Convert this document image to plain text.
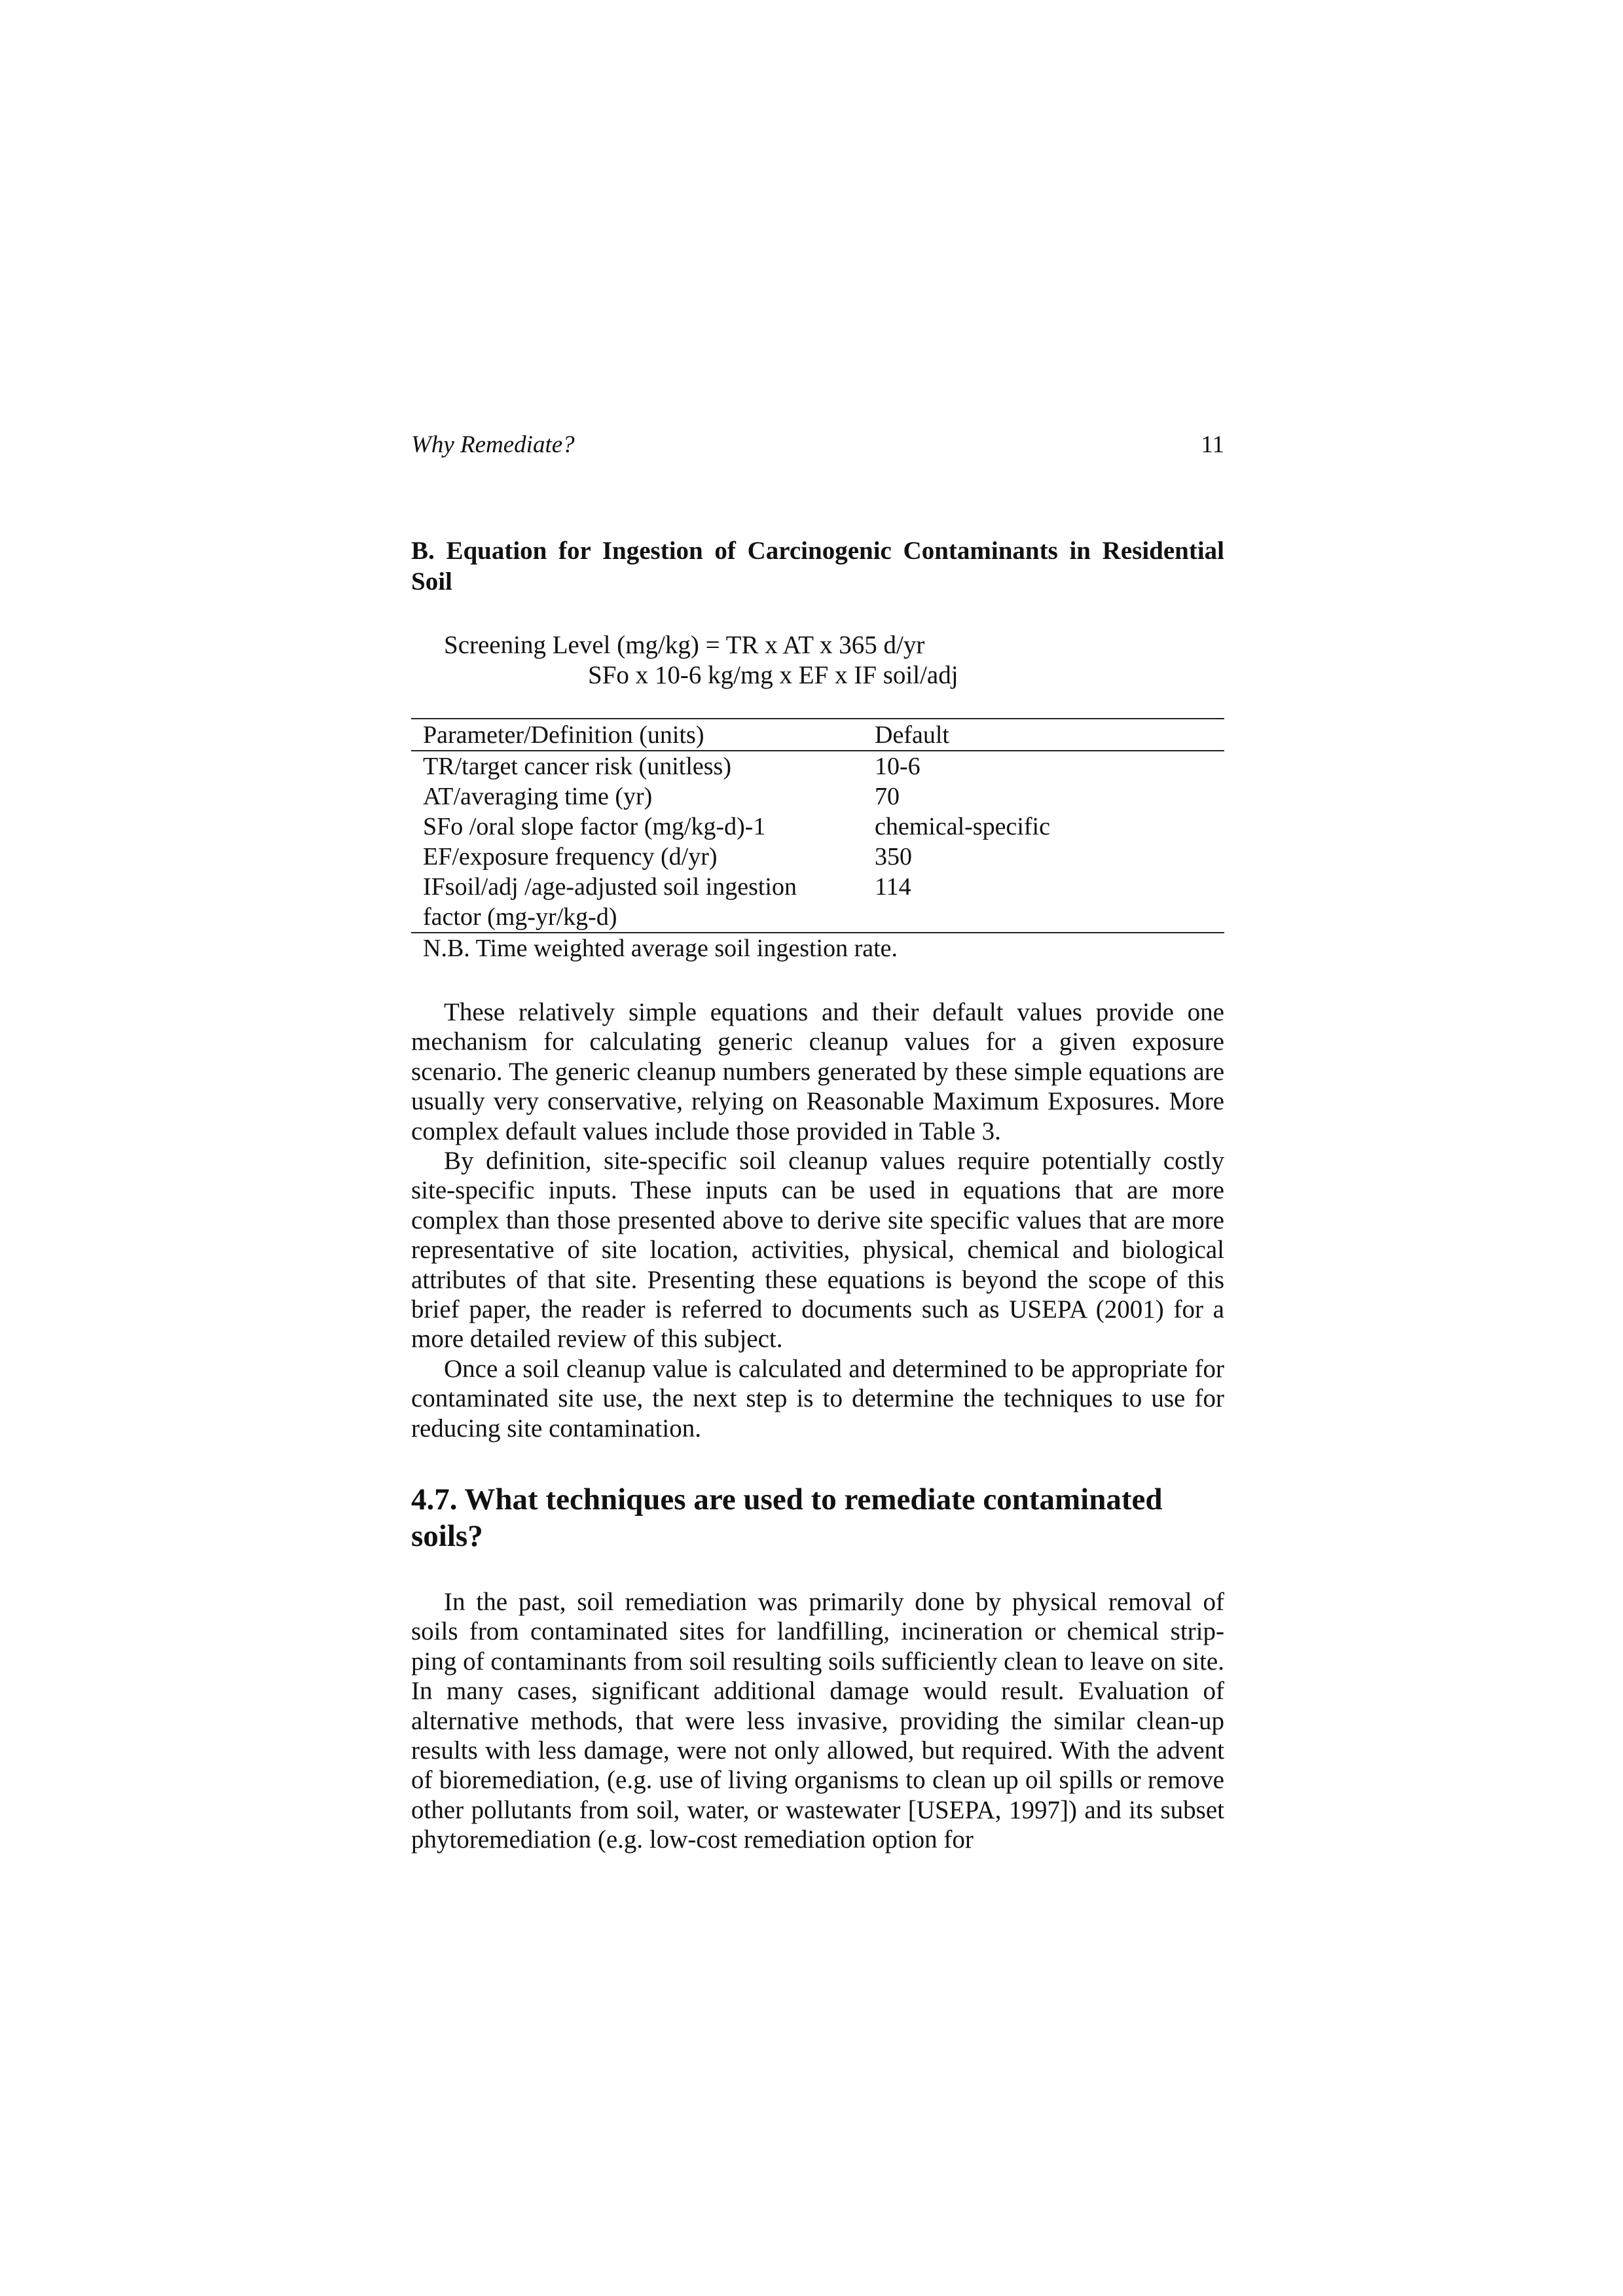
Why Remediate?	11
B. Equation for Ingestion of Carcinogenic Contaminants in Residential Soil
Screening Level (mg/kg) = TR x AT x 365 d/yr
SFo x 10-6 kg/mg x EF x IF soil/adj
Parameter/Definition (units)	Default

TR/target cancer risk (unitless)	10-6

AT/averaging time (yr)	70

SFo /oral slope factor (mg/kg-d)-1	chemical-specific

EF/exposure frequency (d/yr)	350

IFsoil/adj /age-adjusted soil ingestion factor (mg-yr/kg-d)	114
N.B. Time weighted average soil ingestion rate.

These relatively simple equations and their default values provide one mechanism for calculating generic cleanup values for a given exposure scenario. The generic cleanup numbers generated by these simple equations are usually very conservative, relying on Reasonable Maximum Exposures. More complex default values include those provided in Table 3.

By definition, site-specific soil cleanup values require potentially costly site-specific inputs. These inputs can be used in equations that are more complex than those presented above to derive site specific values that are more representative of site location, activities, physical, chemical and biological attributes of that site. Presenting these equations is beyond the scope of this brief paper, the reader is referred to documents such as USEPA (2001) for a more detailed review of this subject.

Once a soil cleanup value is calculated and determined to be appropriate for contaminated site use, the next step is to determine the techniques to use for reducing site contamination.

4.7. What techniques are used to remediate contaminated soils?

In the past, soil remediation was primarily done by physical removal of soils from contaminated sites for landfilling, incineration or chemical strip-ping of contaminants from soil resulting soils sufficiently clean to leave on site. In many cases, significant additional damage would result. Evaluation of alternative methods, that were less invasive, providing the similar clean-up results with less damage, were not only allowed, but required. With the advent of bioremediation, (e.g. use of living organisms to clean up oil spills or remove other pollutants from soil, water, or wastewater [USEPA, 1997]) and its subset phytoremediation (e.g. low-cost remediation option for
